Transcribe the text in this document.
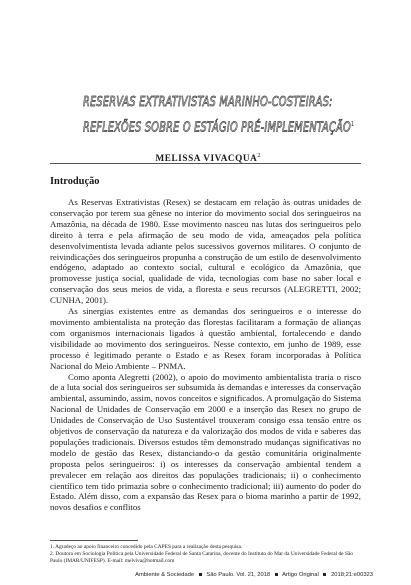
RESERVAS EXTRATIVISTAS MARINHO-COSTEIRAS:
REFLEXÕES SOBRE O ESTÁGIO PRÉ-IMPLEMENTAÇÃO$^1$
MELISSA VIVACQUA$^2$
Introdução

As Reservas Extrativistas (Resex) se destacam em relação às outras unidades de conservação por terem sua gênese no interior do movimento social dos seringueiros na Amazônia, na década de 1980. Esse movimento nasceu nas lutas dos seringueiros pelo direito à terra e pela afirmação de seu modo de vida, ameaçados pela política desenvolvimentista levada adiante pelos sucessivos governos militares. O conjunto de reivindicações dos seringueiros propunha a construção de um estilo de desenvolvimento endógeno, adaptado ao contexto social, cultural e ecológico da Amazônia, que promovesse justiça social, qualidade de vida, tecnologias com base no saber local e conservação dos seus meios de vida, a floresta e seus recursos (ALEGRETTI, 2002; CUNHA, 2001).

As sinergias existentes entre as demandas dos seringueiros e o interesse do movimento ambientalista na proteção das florestas facilitaram a formação de alianças com organismos internacionais ligados à questão ambiental, fortalecendo e dando visibilidade ao movimento dos seringueiros. Nesse contexto, em junho de 1989, esse processo é legitimado perante o Estado e as Resex foram incorporadas à Política Nacional do Meio Ambiente – PNMA.

Como aponta Alegretti (2002), o apoio do movimento ambientalista traria o risco de a luta social dos seringueiros ser subsumida às demandas e interesses da conservação ambiental, assumindo, assim, novos conceitos e significados. A promulgação do Sistema Nacional de Unidades de Conservação em 2000 e a inserção das Resex no grupo de Unidades de Conservação de Uso Sustentável trouxeram consigo essa tensão entre os objetivos de conservação da natureza e da valorização dos modos de vida e saberes das populações tradicionais. Diversos estudos têm demonstrado mudanças significativas no modelo de gestão das Resex, distanciando-o da gestão comunitária originalmente proposta pelos seringueiros: i) os interesses da conservação ambiental tendem a prevalecer em relação aos direitos das populações tradicionais; ii) o conhecimento científico tem tido primazia sobre o conhecimento tradicional; iii) aumento do poder do Estado. Além disso, com a expansão das Resex para o bioma marinho a partir de 1992, novos desafios e conflitos

1. Agradeço ao apoio financeiro concedido pela CAPES para a realização desta pesquisa.
2. Doutora em Sociologia Política pela Universidade Federal de Santa Catarina, docente do Instituto do Mar da Universidade Federal de São Paulo (IMAR/UNIFESP). E-mail: melviva@hotmail.com
Ambiente & Sociedade São Paulo. Vol. 21, 2018 Artigo Original 2018;21:e00323
